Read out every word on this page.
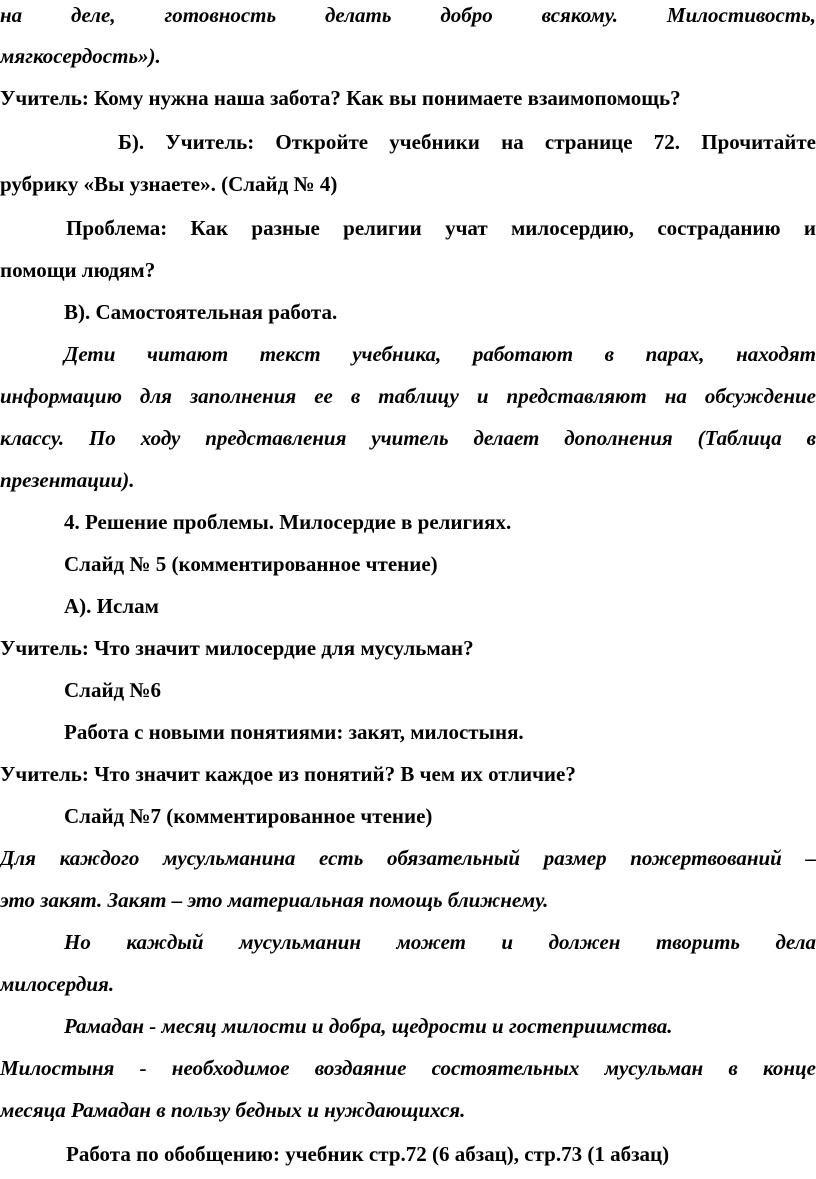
на деле, готовность делать добро всякому. Милостивость,
мягкосердость»).
Учитель: Кому нужна наша забота? Как вы понимаете взаимопомощь?
Б). Учитель: Откройте учебники на странице 72. Прочитайте
рубрику «Вы узнаете». (Слайд № 4)
Проблема: Как разные религии учат милосердию, состраданию и
помощи людям?
В). Самостоятельная работа.
Дети читают текст учебника, работают в парах, находят
информацию для заполнения ее в таблицу и представляют на обсуждение
классу. По ходу представления учитель делает дополнения (Таблица в
презентации).
4. Решение проблемы. Милосердие в религиях.
Слайд № 5 (комментированное чтение)
А). Ислам
Учитель: Что значит милосердие для мусульман?
Слайд №6
Работа с новыми понятиями: закят, милостыня.
Учитель: Что значит каждое из понятий? В чем их отличие?
Слайд №7 (комментированное чтение)
Для каждого мусульманина есть обязательный размер пожертвований –
это закят. Закят – это материальная помощь ближнему.
Но каждый мусульманин может и должен творить дела
милосердия.
Рамадан - месяц милости и добра, щедрости и гостеприимства.
Милостыня - необходимое воздаяние состоятельных мусульман в конце
месяца Рамадан в пользу бедных и нуждающихся.
Работа по обобщению: учебник стр.72 (6 абзац), стр.73 (1 абзац)
